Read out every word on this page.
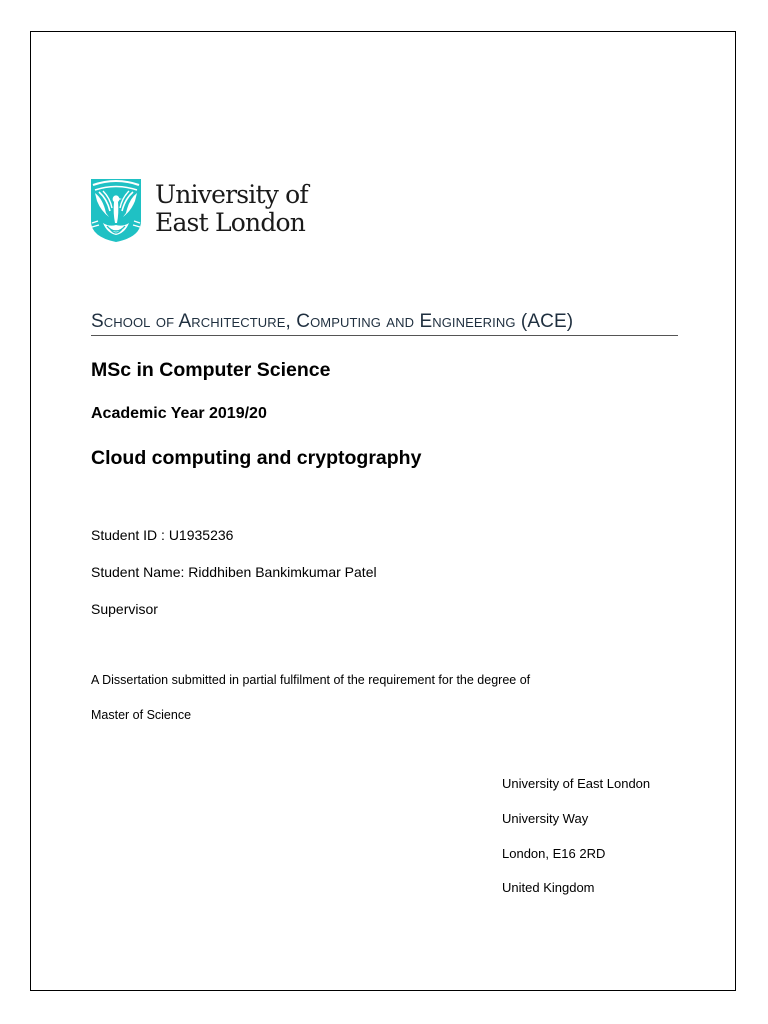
University of
East London
School of Architecture, Computing and Engineering (ACE)
MSc in Computer Science
Academic Year 2019/20
Cloud computing and cryptography
Student ID : U1935236
Student Name: Riddhiben Bankimkumar Patel
Supervisor
A Dissertation submitted in partial fulfilment of the requirement for the degree of
Master of Science
University of East London
University Way
London, E16 2RD
United Kingdom
